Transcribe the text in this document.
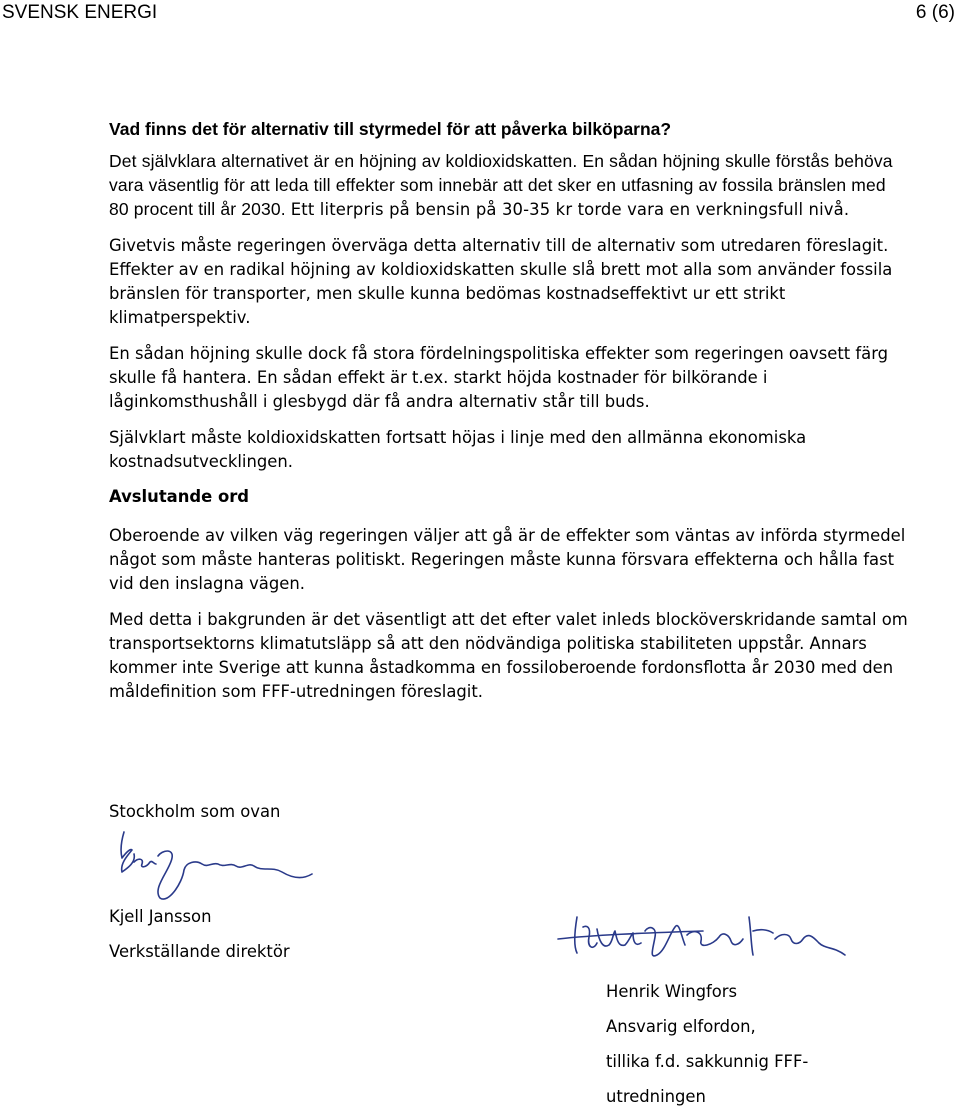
SVENSK ENERGI	6 (6)

Vad finns det för alternativ till styrmedel för att påverka bilköparna?

Det självklara alternativet är en höjning av koldioxidskatten. En sådan höjning skulle förstås behöva vara väsentlig för att leda till effekter som innebär att det sker en utfasning av fossila bränslen med 80 procent till år 2030. Ett literpris på bensin på 30-35 kr torde vara en verkningsfull nivå.

Givetvis måste regeringen överväga detta alternativ till de alternativ som utredaren föreslagit. Effekter av en radikal höjning av koldioxidskatten skulle slå brett mot alla som använder fossila bränslen för transporter, men skulle kunna bedömas kostnadseffektivt ur ett strikt klimatperspektiv.

En sådan höjning skulle dock få stora fördelningspolitiska effekter som regeringen oavsett färg skulle få hantera. En sådan effekt är t.ex. starkt höjda kostnader för bilkörande i låginkomsthushåll i glesbygd där få andra alternativ står till buds.

Självklart måste koldioxidskatten fortsatt höjas i linje med den allmänna ekonomiska kostnadsutvecklingen.

Avslutande ord

Oberoende av vilken väg regeringen väljer att gå är de effekter som väntas av införda styrmedel något som måste hanteras politiskt. Regeringen måste kunna försvara effekterna och hålla fast vid den inslagna vägen.

Med detta i bakgrunden är det väsentligt att det efter valet inleds blocköverskridande samtal om transportsektorns klimatutsläpp så att den nödvändiga politiska stabiliteten uppstår. Annars kommer inte Sverige att kunna åstadkomma en fossiloberoende fordonsflotta år 2030 med den måldefinition som FFF-utredningen föreslagit.

Stockholm som ovan
Kjell Jansson
Verkställande direktör
Henrik Wingfors
Ansvarig elfordon,
tillika f.d. sakkunnig FFF-
utredningen
